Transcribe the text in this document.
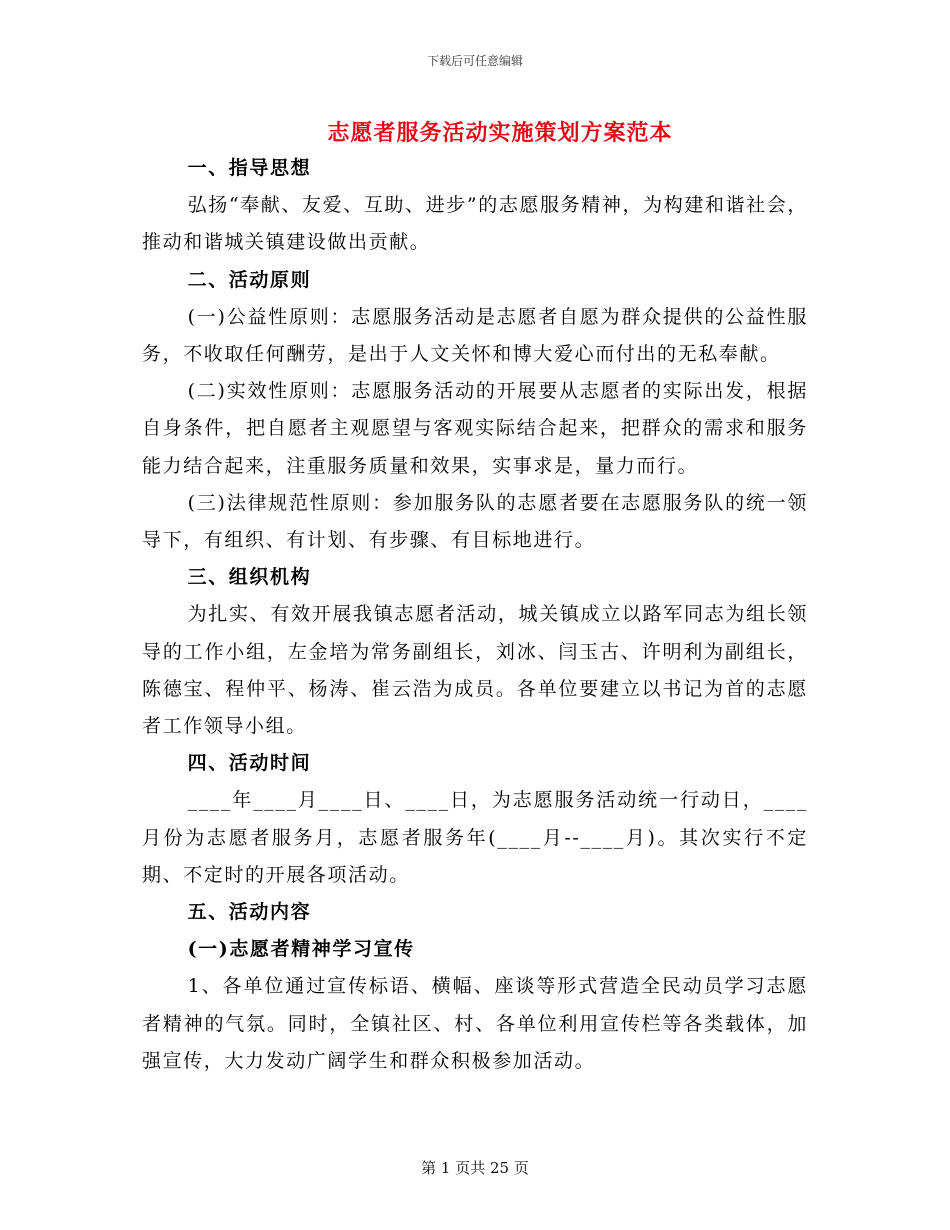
下载后可任意编辑
志愿者服务活动实施策划方案范本

一、指导思想

弘扬“奉献、友爱、互助、进步”的志愿服务精神，为构建和谐社会，推动和谐城关镇建设做出贡献。

二、活动原则

(一)公益性原则：志愿服务活动是志愿者自愿为群众提供的公益性服务，不收取任何酬劳，是出于人文关怀和博大爱心而付出的无私奉献。

(二)实效性原则：志愿服务活动的开展要从志愿者的实际出发，根据自身条件，把自愿者主观愿望与客观实际结合起来，把群众的需求和服务能力结合起来，注重服务质量和效果，实事求是，量力而行。

(三)法律规范性原则：参加服务队的志愿者要在志愿服务队的统一领导下，有组织、有计划、有步骤、有目标地进行。

三、组织机构

为扎实、有效开展我镇志愿者活动，城关镇成立以路军同志为组长领导的工作小组，左金培为常务副组长，刘冰、闫玉古、许明利为副组长，陈德宝、程仲平、杨涛、崔云浩为成员。各单位要建立以书记为首的志愿者工作领导小组。

四、活动时间

____年____月____日、____日，为志愿服务活动统一行动日，____月份为志愿者服务月，志愿者服务年(____月--____月)。其次实行不定期、不定时的开展各项活动。

五、活动内容

(一)志愿者精神学习宣传

1、各单位通过宣传标语、横幅、座谈等形式营造全民动员学习志愿者精神的气氛。同时，全镇社区、村、各单位利用宣传栏等各类载体，加强宣传，大力发动广阔学生和群众积极参加活动。

第 1 页共 25 页
